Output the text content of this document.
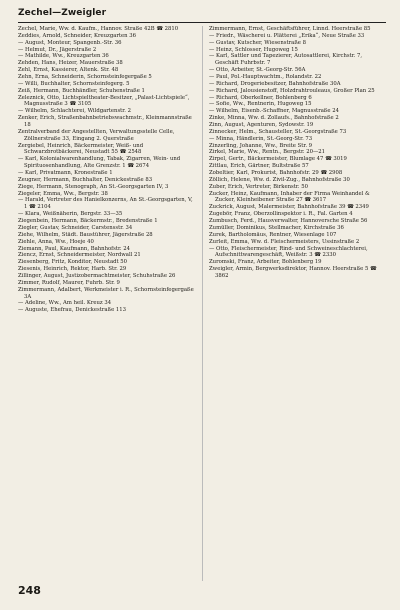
Zechel—Zweigler

Zechel, Marie, Ww. d. Kaufm., Hannov. Straße 42B ☎ 2810

Zeddies, Arnold, Schneider, Kreuzgarten 36

— August, Monteur, Spangenb.-Str. 36

— Helmut, Dr., Jägerstraße 2

— Mathilde, Ww., Kreuzgarten 36

Zehden, Hans, Heizer, Mauerstraße 38

Zehl, Ernst, Kassierer, Altenk. Str. 48

Zehn, Erna, Schneiderin, Schornsteinfegergaße 5

— Willi, Buchhalter, Schornsteinfegerg. 5

Zeiß, Hermann, Buchhändler, Schuhenstraße 1

Zeleznick, Otto, Lichtspieltheater-Besitzer, „Palast-Lichtspiele“, Magnusstraße 3 ☎ 3105

— Wilhelm, Schlachterei, Wildgartenstr. 2

Zenker, Erich, Straßenbahnbetriebswachmstr., Kleinmannstraße 18

Zentralverband der Angestellten, Verwaltungsstelle Celle, Zöllnerstraße 33, Eingang 2. Querstraße

Zergiebel, Heinrich, Bäckermeister, Weiß- und Schwarzbrotbäckerei, Neustadt 55 ☎ 2548

— Karl, Kolonialwarenhandlung, Tabak, Zigarren, Wein- und Spirituosenhandlung, Alte Grenzstr. 1 ☎ 2674

— Karl, Privatmann, Kronestraße 1

Zeugner, Hermann, Buchhalter, Denickestraße 83

Ziege, Hermann, Stenograph, An St.-Georgsgarten IV, 3

Ziegeler, Emma, Ww., Bergstr. 38

— Harald, Vertreter des Hanielkonzerns, An St.-Georgsgarten, V, 1 ☎ 2104

— Klara, Weißnäherin, Bergstr. 33—35

Ziegenbein, Hermann, Bäckermstr., Bredenstraße 1

Ziegler, Gustav, Schneider, Carstensstr. 34

Ziehe, Wilhelm, Städt. Baustührer, Jägerstraße 28

Ziehle, Anna, Ww., Hoeje 40

Ziemann, Paul, Kaufmann, Bahnhofstr. 24

Ziencz, Ernst, Schneidermeister, Nordwall 21

Ziesenberg, Fritz, Konditor, Neustadt 50

Ziesenis, Heinrich, Rektor, Harb. Str. 29

Zillinger, August, Justizobermachtmeister, Schuhstraße 26

Zimmer, Rudolf, Maurer, Fuhrb. Str. 9

Zimmermann, Adalbert, Werkmeister i. R., Schornsteinfegergaße 3A

— Adeline, Ww., Am heil. Kreuz 34

— Auguste, Ehefrau, Denickestraße 113

Zimmermann, Ernst, Geschäftsführer, Linnd. Heerstraße 85

— Friedr., Wäscherei u. Plätterei „Erika“, Neue Straße 33

— Gustav, Kutscher, Wiesenstraße 8

— Heinz, Schlosser, Hugoweg 15

— Karl, Sattler und Tapezierer, Autosattlerei, Kirchstr. 7, Geschäft Fuhrbstr. 7

— Otto, Arbeiter, St.-Georg-Str. 56A

— Paul, Pol.-Hauptwachtm., Rolandstr. 22

— Richard, Drogeriebesitzer, Bahnhofstraße 30A

— Richard, Jalousienstoff, Holzdrahtrouleaus, Großer Plan 25

— Richard, Oberkellner, Bohlenberg 6

— Sofie, Ww., Rentnerin, Hugoweg 15

— Wilhelm, Eisenb.-Schaffner, Magnusstraße 24

Zinke, Minna, Ww. d. Zollaufs., Bahnhofstraße 2

Zinn, August, Agenturen, Sydowstr. 19

Zinnecker, Helm., Schausteller, St.-Georgstraße 73

— Minna, Händlerin, St.-Georg-Str. 73

Zinzerling, Johanne, Ww., Breite Str. 9

Zirkel, Marie, Ww., Rentn., Bergstr. 20—21

Zirpel, Gertr., Bäckermeister, Blumlage 47 ☎ 3019

Zittlau, Erich, Gärtner, Bultstraße 57

Zobeltier, Karl, Prokurist, Bahnhofstr. 29 ☎ 2908

Zöllich, Helene, Ww. d. Zivil-Zug., Bahnhofstraße 30

Zuber, Erich, Vertreter, Birkenstr. 50

Zucker, Heinz, Kaufmann, Inhaber der Firma Weinhandel & Zucker, Kleinheibener Straße 27 ☎ 3617

Zuckrick, August, Malermeister, Bahnhofstraße 39 ☎ 2349

Zugebör, Franz, Oberzollinspektor i. R., Fal. Garten 4

Zumbusch, Ferd., Hausverwalter, Hannoversche Straße 56

Zumüller, Dominikus, Stellmacher, Kirchstraße 36

Zurek, Bartholomäus, Rentner, Wiesenlage 107

Zurleit, Emma, Ww. d. Fleischermeisters, Ussinstraße 2

— Otto, Fleischermeister, Rind- und Schweineschlachterei, Aufschnittwarengeschäft, Weißstr. 3 ☎ 2330

Zuromski, Franz, Arbeiter, Bohlenberg 19

Zweigler, Armin, Bergwerksdirektor, Hannov. Heerstraße 5 ☎ 3862

248
